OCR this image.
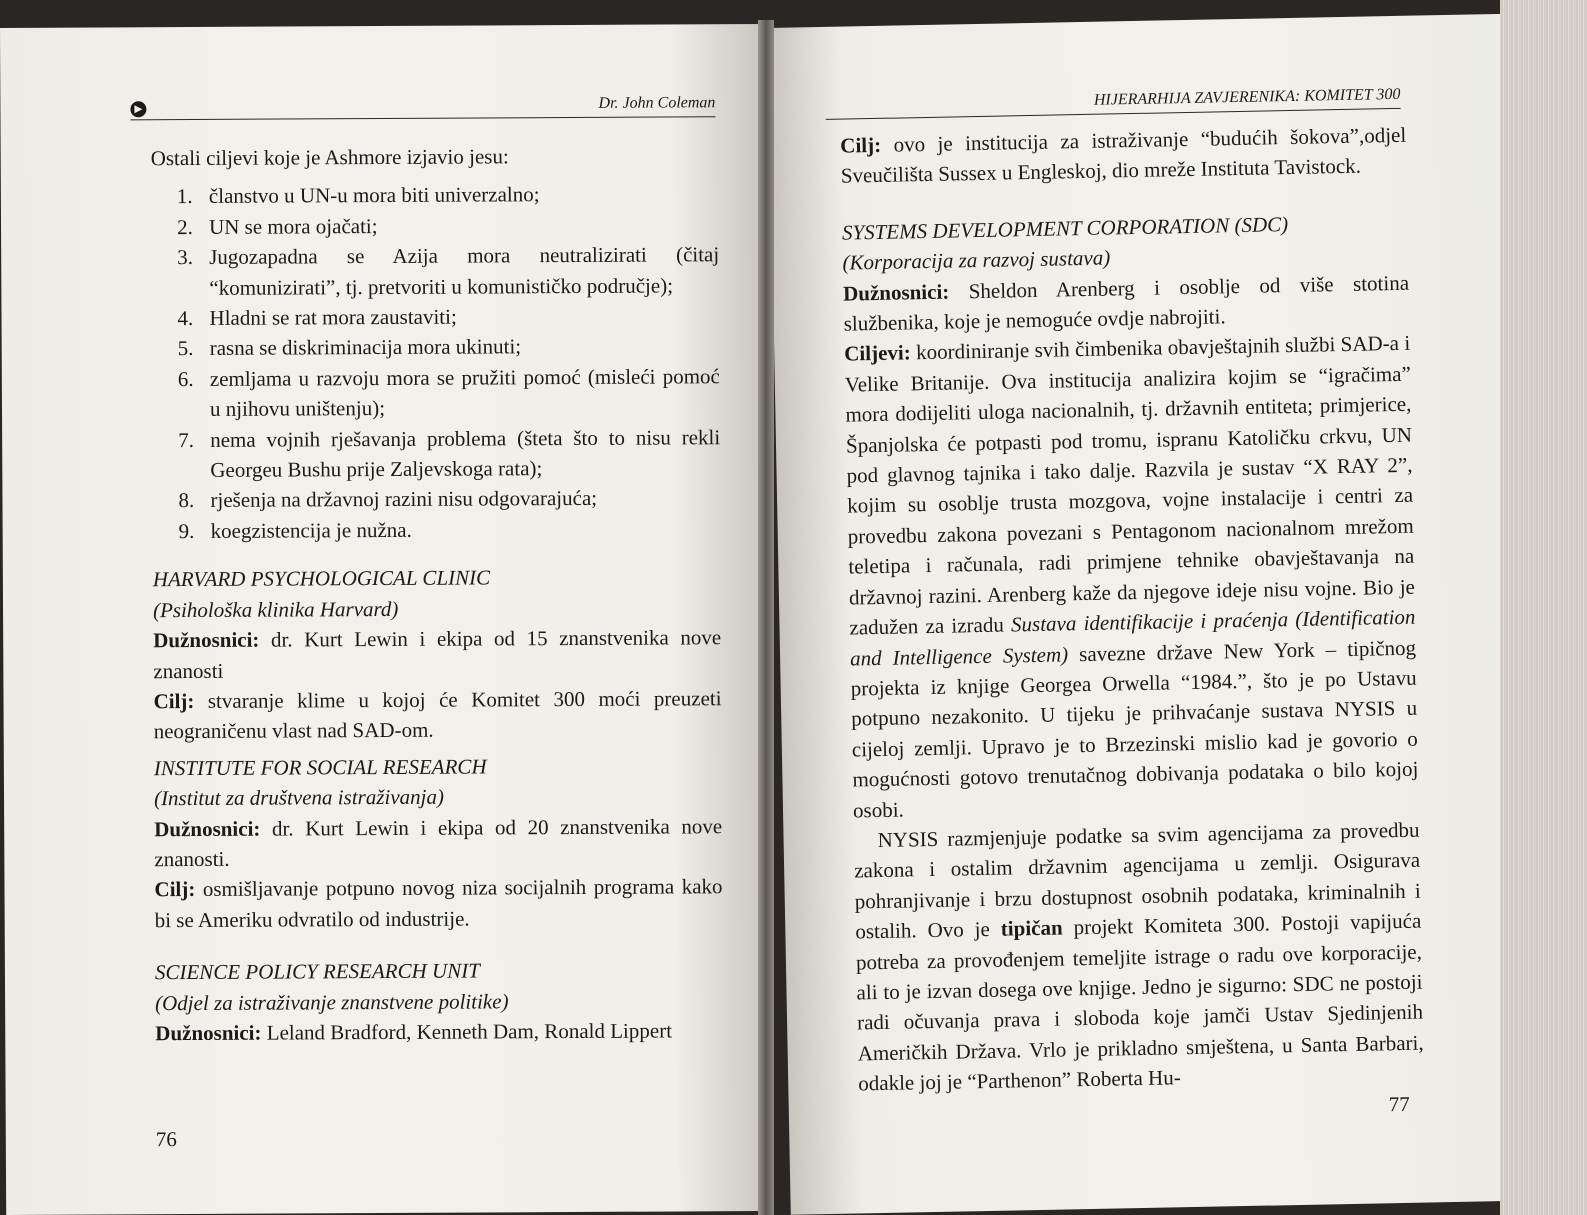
Dr. John Coleman

Ostali ciljevi koje je Ashmore izjavio jesu:

1. članstvo u UN-u mora biti univerzalno;
2. UN se mora ojačati;
3. Jugozapadna se Azija mora neutralizirati (čitaj “komunizirati”, tj. pretvoriti u komunističko područje);
4. Hladni se rat mora zaustaviti;
5. rasna se diskriminacija mora ukinuti;
6. zemljama u razvoju mora se pružiti pomoć (misleći pomoć u njihovu uništenju);
7. nema vojnih rješavanja problema (šteta što to nisu rekli Georgeu Bushu prije Zaljevskoga rata);
8. rješenja na državnoj razini nisu odgovarajuća;
9. koegzistencija je nužna.

HARVARD PSYCHOLOGICAL CLINIC

(Psihološka klinika Harvard)

Dužnosnici: dr. Kurt Lewin i ekipa od 15 znanstvenika nove znanosti

Cilj: stvaranje klime u kojoj će Komitet 300 moći preuzeti neograničenu vlast nad SAD-om.

INSTITUTE FOR SOCIAL RESEARCH

(Institut za društvena istraživanja)

Dužnosnici: dr. Kurt Lewin i ekipa od 20 znanstvenika nove znanosti.

Cilj: osmišljavanje potpuno novog niza socijalnih programa kako bi se Ameriku odvratilo od industrije.

SCIENCE POLICY RESEARCH UNIT

(Odjel za istraživanje znanstvene politike)

Dužnosnici: Leland Bradford, Kenneth Dam, Ronald Lippert

76
HIJERARHIJA ZAVJERENIKA: KOMITET 300

Cilj: ovo je institucija za istraživanje “budućih šokova”,odjel Sveučilišta Sussex u Engleskoj, dio mreže Instituta Tavistock.

SYSTEMS DEVELOPMENT CORPORATION (SDC)

(Korporacija za razvoj sustava)

Dužnosnici: Sheldon Arenberg i osoblje od više stotina službenika, koje je nemoguće ovdje nabrojiti.

Ciljevi: koordiniranje svih čimbenika obavještajnih službi SAD-a i Velike Britanije. Ova institucija analizira kojim se “igračima” mora dodijeliti uloga nacionalnih, tj. državnih entiteta; primjerice, Španjolska će potpasti pod tromu, ispranu Katoličku crkvu, UN pod glavnog tajnika i tako dalje. Razvila je sustav “X RAY 2”, kojim su osoblje trusta mozgova, vojne instalacije i centri za provedbu zakona povezani s Pentagonom nacionalnom mrežom teletipa i računala, radi primjene tehnike obavještavanja na državnoj razini. Arenberg kaže da njegove ideje nisu vojne. Bio je zadužen za izradu Sustava identifikacije i praćenja (Identification and Intelligence System) savezne države New York – tipičnog projekta iz knjige Georgea Orwella “1984.”, što je po Ustavu potpuno nezakonito. U tijeku je prihvaćanje sustava NYSIS u cijeloj zemlji. Upravo je to Brzezinski mislio kad je govorio o mogućnosti gotovo trenutačnog dobivanja podataka o bilo kojoj osobi.

NYSIS razmjenjuje podatke sa svim agencijama za provedbu zakona i ostalim državnim agencijama u zemlji. Osigurava pohranjivanje i brzu dostupnost osobnih podataka, kriminalnih i ostalih. Ovo je tipičan projekt Komiteta 300. Postoji vapijuća potreba za provođenjem temeljite istrage o radu ove korporacije, ali to je izvan dosega ove knjige. Jedno je sigurno: SDC ne postoji radi očuvanja prava i sloboda koje jamči Ustav Sjedinjenih Američkih Država. Vrlo je prikladno smještena, u Santa Barbari, odakle joj je “Parthenon” Roberta Hu-

77
